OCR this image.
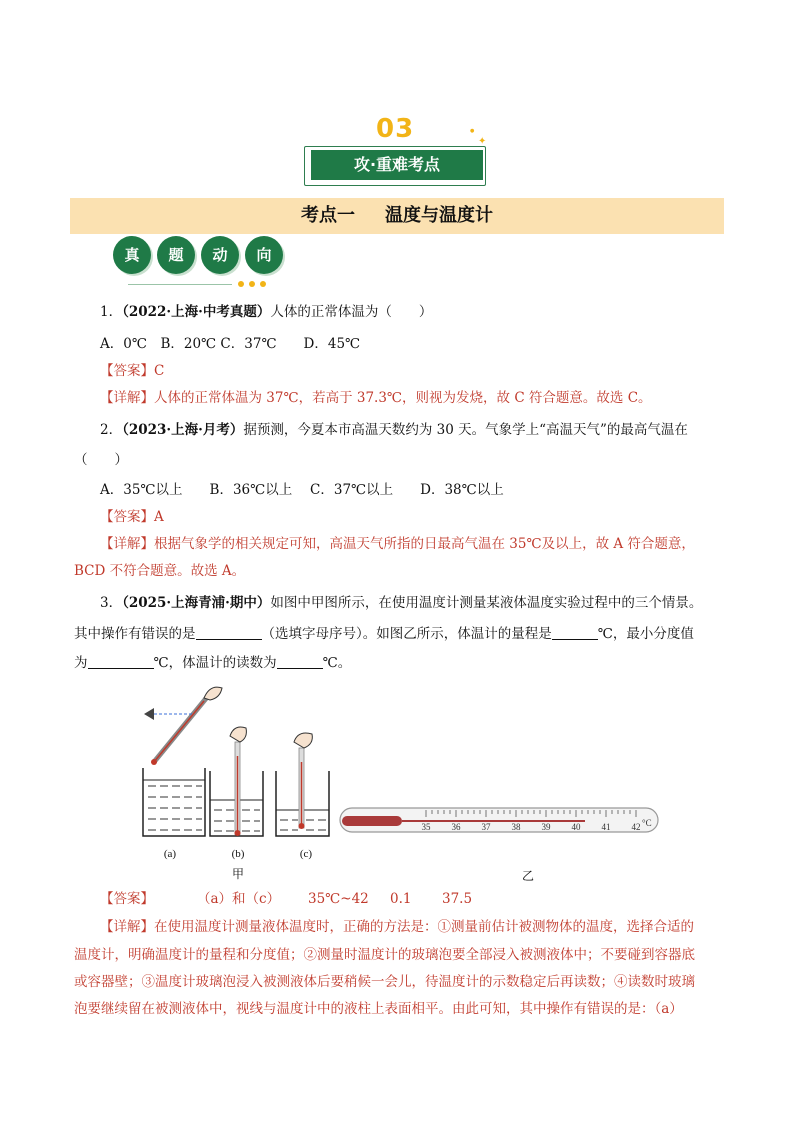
03	✦
●
攻·重难考点
考点一 温度与温度计
真	题	动	向
1．（2022·上海·中考真题）人体的正常体温为（　　）
A．0℃　B．20℃ C．37℃　　D．45℃
【答案】C
【详解】人体的正常体温为 37℃，若高于 37.3℃，则视为发烧，故 C 符合题意。故选 C。
2．（2023·上海·月考）据预测，今夏本市高温天数约为 30 天。气象学上“高温天气”的最高气温在
（　　）
A．35℃以上　　B．36℃以上　 C．37℃以上　　D．38℃以上
【答案】A
【详解】根据气象学的相关规定可知，高温天气所指的日最高气温在 35℃及以上，故 A 符合题意，
BCD 不符合题意。故选 A。
3．（2025·上海青浦·期中）如图中甲图所示，在使用温度计测量某液体温度实验过程中的三个情景。
其中操作有错误的是	（选填字母序号）。如图乙所示，体温计的量程是	℃，最小分度值
为	℃，体温计的读数为	℃。
35 36 37 38 39 40 41 42 °C
(a)	(b)	(c)
甲	乙
【答案】	（a）和（c） 35℃~42 0.1 37.5
【详解】在使用温度计测量液体温度时，正确的方法是：①测量前估计被测物体的温度，选择合适的
温度计，明确温度计的量程和分度值；②测量时温度计的玻璃泡要全部浸入被测液体中；不要碰到容器底
或容器壁；③温度计玻璃泡浸入被测液体后要稍候一会儿，待温度计的示数稳定后再读数；④读数时玻璃
泡要继续留在被测液体中，视线与温度计中的液柱上表面相平。由此可知，其中操作有错误的是：（a）
